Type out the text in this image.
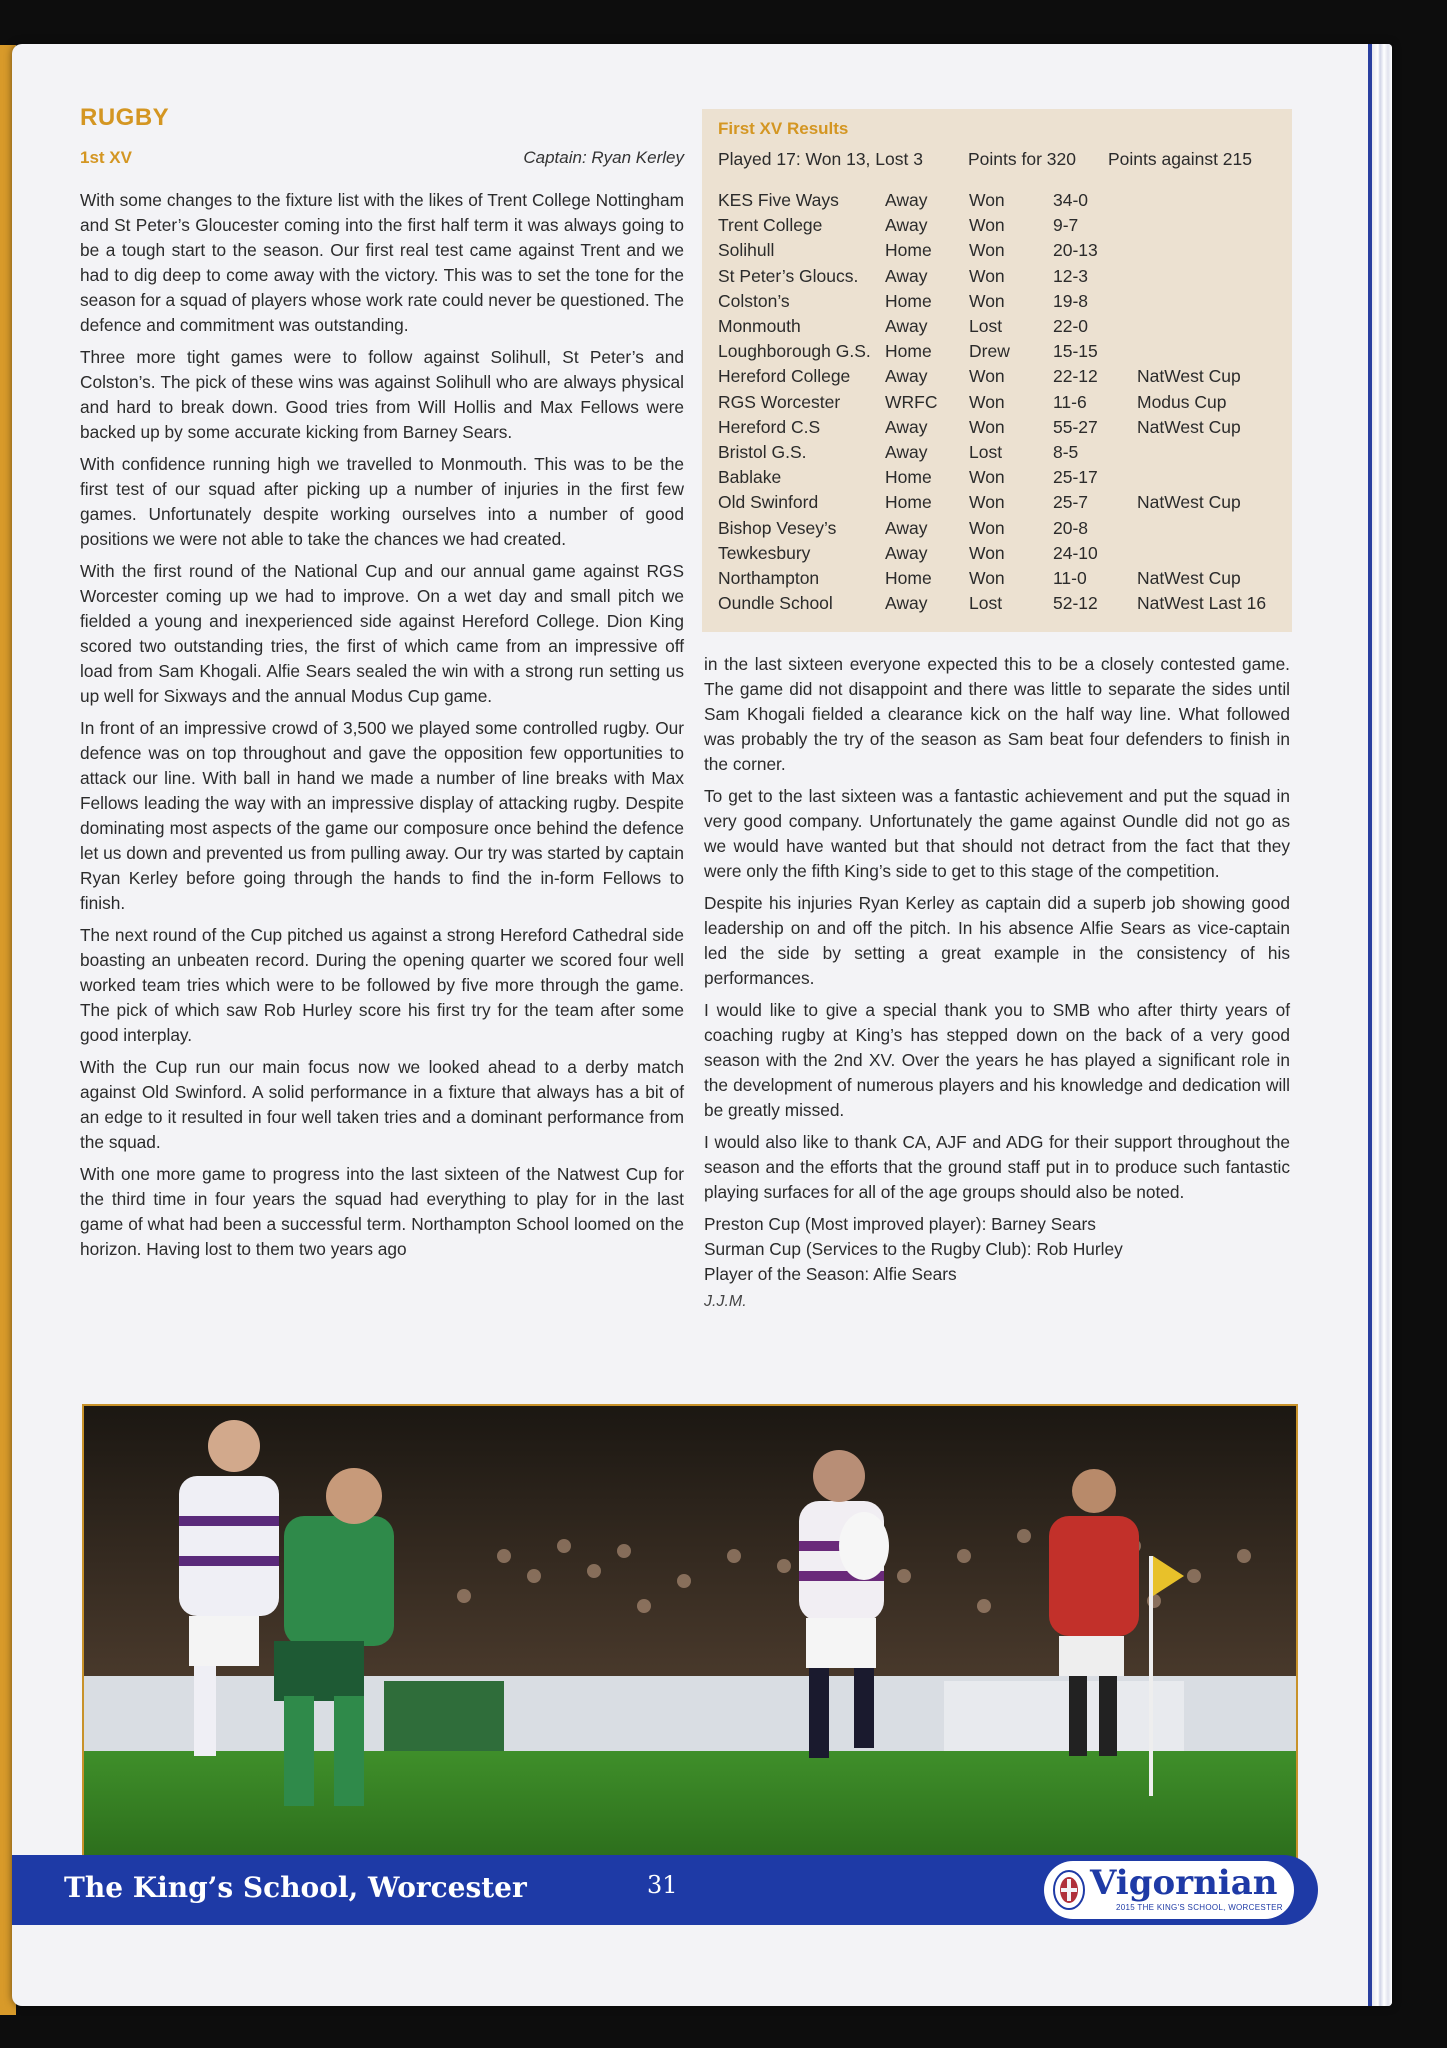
RUGBY
1st XV	Captain: Ryan Kerley

With some changes to the fixture list with the likes of Trent College Nottingham and St Peter’s Gloucester coming into the first half term it was always going to be a tough start to the season. Our first real test came against Trent and we had to dig deep to come away with the victory. This was to set the tone for the season for a squad of players whose work rate could never be questioned. The defence and commitment was outstanding.

Three more tight games were to follow against Solihull, St Peter’s and Colston’s. The pick of these wins was against Solihull who are always physical and hard to break down. Good tries from Will Hollis and Max Fellows were backed up by some accurate kicking from Barney Sears.

With confidence running high we travelled to Monmouth. This was to be the first test of our squad after picking up a number of injuries in the first few games. Unfortunately despite working ourselves into a number of good positions we were not able to take the chances we had created.

With the first round of the National Cup and our annual game against RGS Worcester coming up we had to improve. On a wet day and small pitch we fielded a young and inexperienced side against Hereford College. Dion King scored two outstanding tries, the first of which came from an impressive off load from Sam Khogali. Alfie Sears sealed the win with a strong run setting us up well for Sixways and the annual Modus Cup game.

In front of an impressive crowd of 3,500 we played some controlled rugby. Our defence was on top throughout and gave the opposition few opportunities to attack our line. With ball in hand we made a number of line breaks with Max Fellows leading the way with an impressive display of attacking rugby. Despite dominating most aspects of the game our composure once behind the defence let us down and prevented us from pulling away. Our try was started by captain Ryan Kerley before going through the hands to find the in-form Fellows to finish.

The next round of the Cup pitched us against a strong Hereford Cathedral side boasting an unbeaten record. During the opening quarter we scored four well worked team tries which were to be followed by five more through the game. The pick of which saw Rob Hurley score his first try for the team after some good interplay.

With the Cup run our main focus now we looked ahead to a derby match against Old Swinford. A solid performance in a fixture that always has a bit of an edge to it resulted in four well taken tries and a dominant performance from the squad.

With one more game to progress into the last sixteen of the Natwest Cup for the third time in four years the squad had everything to play for in the last game of what had been a successful term. Northampton School loomed on the horizon. Having lost to them two years ago

First XV Results
Played 17: Won 13, Lost 3	Points for 320	Points against 215
KES Five Ways	Away	Won	34-0	
Trent College	Away	Won	9-7	
Solihull	Home	Won	20-13	
St Peter’s Gloucs.	Away	Won	12-3	
Colston’s	Home	Won	19-8	
Monmouth	Away	Lost	22-0	
Loughborough G.S.	Home	Drew	15-15	
Hereford College	Away	Won	22-12	NatWest Cup
RGS Worcester	WRFC	Won	11-6	Modus Cup
Hereford C.S	Away	Won	55-27	NatWest Cup
Bristol G.S.	Away	Lost	8-5	
Bablake	Home	Won	25-17	
Old Swinford	Home	Won	25-7	NatWest Cup
Bishop Vesey’s	Away	Won	20-8	
Tewkesbury	Away	Won	24-10	
Northampton	Home	Won	11-0	NatWest Cup
Oundle School	Away	Lost	52-12	NatWest Last 16

in the last sixteen everyone expected this to be a closely contested game. The game did not disappoint and there was little to separate the sides until Sam Khogali fielded a clearance kick on the half way line. What followed was probably the try of the season as Sam beat four defenders to finish in the corner.

To get to the last sixteen was a fantastic achievement and put the squad in very good company. Unfortunately the game against Oundle did not go as we would have wanted but that should not detract from the fact that they were only the fifth King’s side to get to this stage of the competition.

Despite his injuries Ryan Kerley as captain did a superb job showing good leadership on and off the pitch. In his absence Alfie Sears as vice-captain led the side by setting a great example in the consistency of his performances.

I would like to give a special thank you to SMB who after thirty years of coaching rugby at King’s has stepped down on the back of a very good season with the 2nd XV. Over the years he has played a significant role in the development of numerous players and his knowledge and dedication will be greatly missed.

I would also like to thank CA, AJF and ADG for their support throughout the season and the efforts that the ground staff put in to produce such fantastic playing surfaces for all of the age groups should also be noted.

Preston Cup (Most improved player): Barney Sears

Surman Cup (Services to the Rugby Club): Rob Hurley

Player of the Season: Alfie Sears

J.J.M.
The King’s School, Worcester	31	Vigornian
2015 THE KING'S SCHOOL, WORCESTER
